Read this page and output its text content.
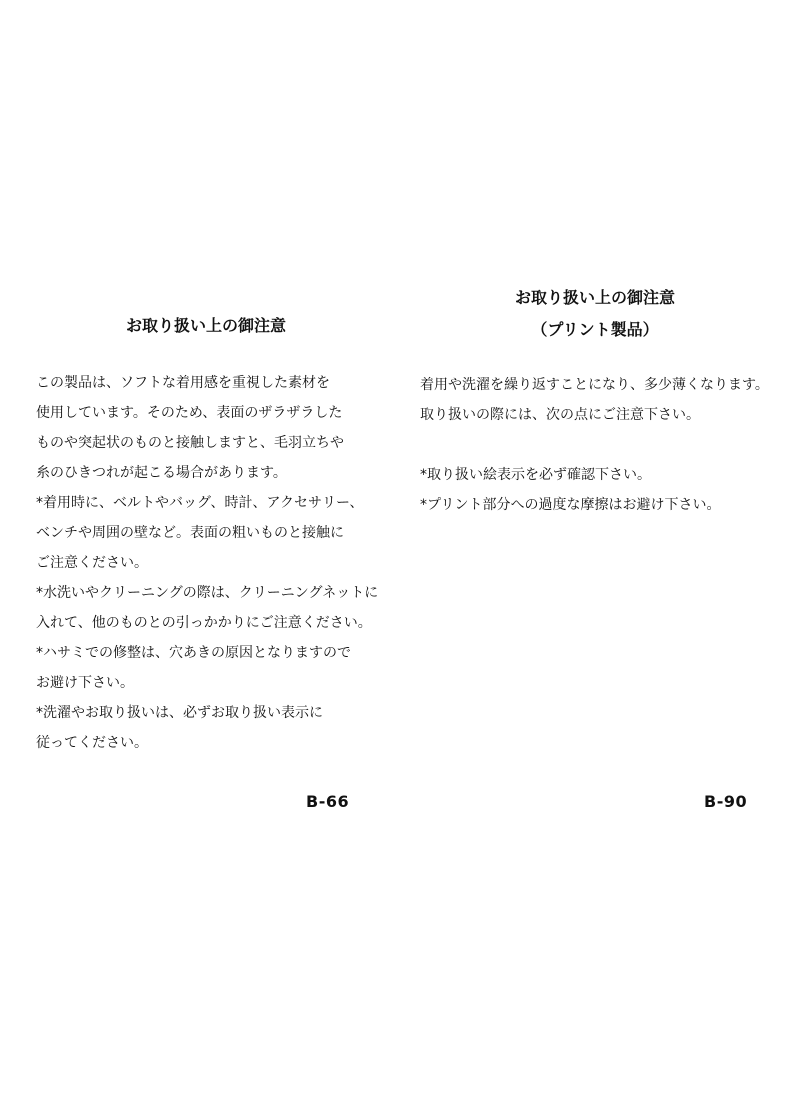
お取り扱い上の御注意
この製品は、ソフトな着用感を重視した素材を
使用しています。そのため、表面のザラザラした
ものや突起状のものと接触しますと、毛羽立ちや
糸のひきつれが起こる場合があります。
*着用時に、ベルトやバッグ、時計、アクセサリー、
ベンチや周囲の壁など。表面の粗いものと接触に
ご注意ください。
*水洗いやクリーニングの際は、クリーニングネットに
入れて、他のものとの引っかかりにご注意ください。
*ハサミでの修整は、穴あきの原因となりますので
お避け下さい。
*洗濯やお取り扱いは、必ずお取り扱い表示に
従ってください。
お取り扱い上の御注意
（プリント製品）
着用や洗濯を繰り返すことになり、多少薄くなります。
取り扱いの際には、次の点にご注意下さい。
*取り扱い絵表示を必ず確認下さい。
*プリント部分への過度な摩擦はお避け下さい。
B-66	B-90
